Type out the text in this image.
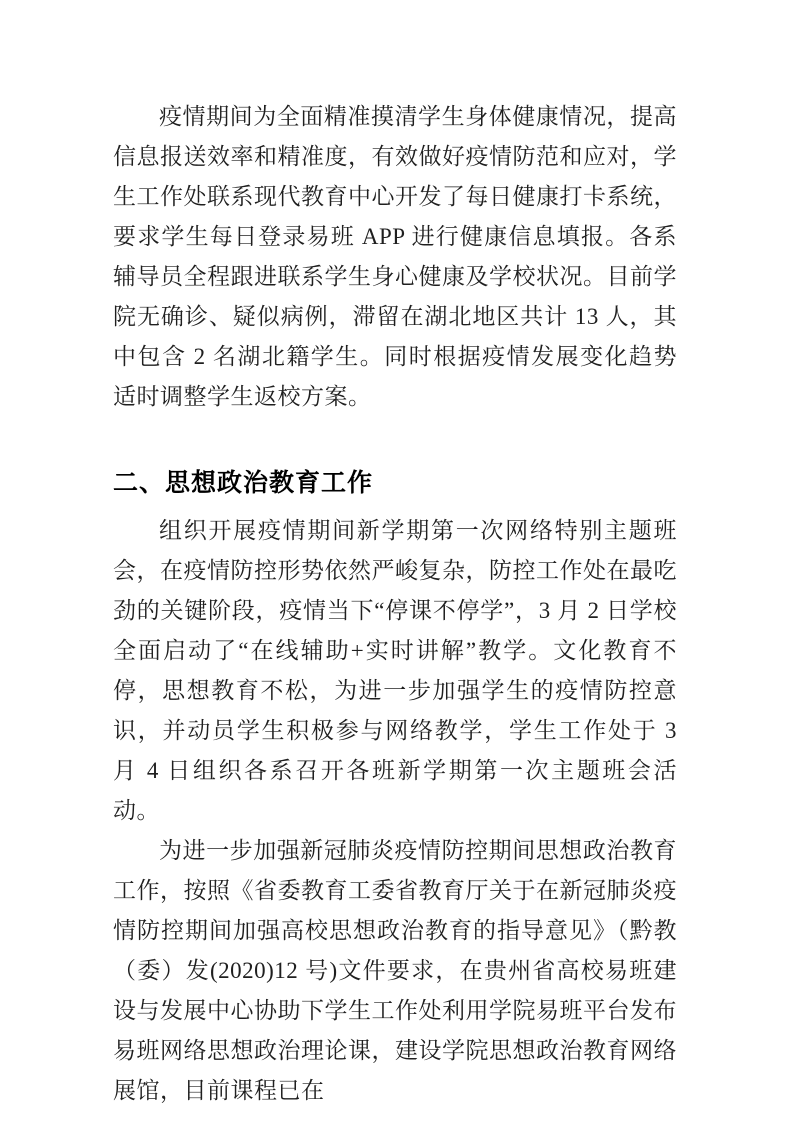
疫情期间为全面精准摸清学生身体健康情况，提高信息报送效率和精准度，有效做好疫情防范和应对，学生工作处联系现代教育中心开发了每日健康打卡系统，要求学生每日登录易班 APP 进行健康信息填报。各系辅导员全程跟进联系学生身心健康及学校状况。目前学院无确诊、疑似病例，滞留在湖北地区共计 13 人，其中包含 2 名湖北籍学生。同时根据疫情发展变化趋势适时调整学生返校方案。

二、思想政治教育工作

组织开展疫情期间新学期第一次网络特别主题班会，在疫情防控形势依然严峻复杂，防控工作处在最吃劲的关键阶段，疫情当下“停课不停学”，3 月 2 日学校全面启动了“在线辅助+实时讲解”教学。文化教育不停，思想教育不松，为进一步加强学生的疫情防控意识，并动员学生积极参与网络教学，学生工作处于 3 月 4 日组织各系召开各班新学期第一次主题班会活动。

为进一步加强新冠肺炎疫情防控期间思想政治教育工作，按照《省委教育工委省教育厅关于在新冠肺炎疫情防控期间加强高校思想政治教育的指导意见》（黔教（委）发(2020)12 号)文件要求，在贵州省高校易班建设与发展中心协助下学生工作处利用学院易班平台发布易班网络思想政治理论课，建设学院思想政治教育网络展馆，目前课程已在
